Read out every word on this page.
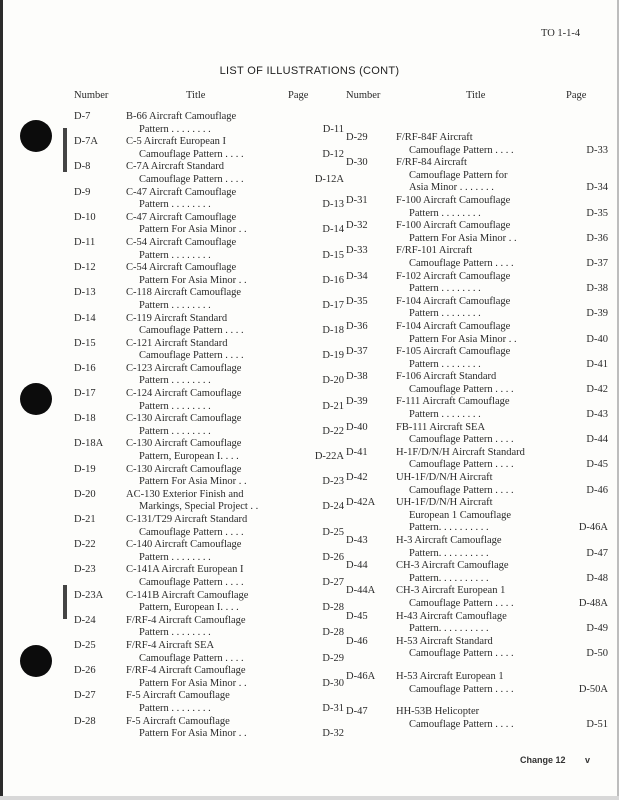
TO 1-1-4
LIST OF ILLUSTRATIONS (CONT)
Number	Title	Page
D-7	B-66 Aircraft Camouflage
Pattern . . . . . . . .	D-11
D-7A	C-5 Aircraft European I
Camouflage Pattern . . . .	D-12
D-8	C-7A Aircraft Standard
Camouflage Pattern . . . .	D-12A
D-9	C-47 Aircraft Camouflage
Pattern . . . . . . . .	D-13
D-10	C-47 Aircraft Camouflage
Pattern For Asia Minor . .	D-14
D-11	C-54 Aircraft Camouflage
Pattern . . . . . . . .	D-15
D-12	C-54 Aircraft Camouflage
Pattern For Asia Minor . .	D-16
D-13	C-118 Aircraft Camouflage
Pattern . . . . . . . .	D-17
D-14	C-119 Aircraft Standard
Camouflage Pattern . . . .	D-18
D-15	C-121 Aircraft Standard
Camouflage Pattern . . . .	D-19
D-16	C-123 Aircraft Camouflage
Pattern . . . . . . . .	D-20
D-17	C-124 Aircraft Camouflage
Pattern . . . . . . . .	D-21
D-18	C-130 Aircraft Camouflage
Pattern . . . . . . . .	D-22
D-18A C-130 Aircraft Camouflage
Pattern, European I. . . .	D-22A
D-19	C-130 Aircraft Camouflage
Pattern For Asia Minor . .	D-23
D-20	AC-130 Exterior Finish and
Markings, Special Project . .	D-24
D-21	C-131/T29 Aircraft Standard
Camouflage Pattern . . . .	D-25
D-22	C-140 Aircraft Camouflage
Pattern . . . . . . . .	D-26
D-23	C-141A Aircraft European I
Camouflage Pattern . . . .	D-27
D-23A C-141B Aircraft Camouflage
Pattern, European I. . . .	D-28
D-24	F/RF-4 Aircraft Camouflage
Pattern . . . . . . . .	D-28
D-25	F/RF-4 Aircraft SEA
Camouflage Pattern . . . .	D-29
D-26	F/RF-4 Aircraft Camouflage
Pattern For Asia Minor . .	D-30
D-27	F-5 Aircraft Camouflage
Pattern . . . . . . . .	D-31
D-28	F-5 Aircraft Camouflage
Pattern For Asia Minor . .	D-32
Number	Title	Page
D-29	F/RF-84F Aircraft
Camouflage Pattern . . . .	D-33
D-30	F/RF-84 Aircraft
Camouflage Pattern for
Asia Minor . . . . . . .	D-34
D-31	F-100 Aircraft Camouflage
Pattern . . . . . . . .	D-35
D-32	F-100 Aircraft Camouflage
Pattern For Asia Minor . .	D-36
D-33	F/RF-101 Aircraft
Camouflage Pattern . . . .	D-37
D-34	F-102 Aircraft Camouflage
Pattern . . . . . . . .	D-38
D-35	F-104 Aircraft Camouflage
Pattern . . . . . . . .	D-39
D-36	F-104 Aircraft Camouflage
Pattern For Asia Minor . .	D-40
D-37	F-105 Aircraft Camouflage
Pattern . . . . . . . .	D-41
D-38	F-106 Aircraft Standard
Camouflage Pattern . . . .	D-42
D-39	F-111 Aircraft Camouflage
Pattern . . . . . . . .	D-43
D-40	FB-111 Aircraft SEA
Camouflage Pattern . . . .	D-44
D-41	H-1F/D/N/H Aircraft Standard
Camouflage Pattern . . . .	D-45
D-42	UH-1F/D/N/H Aircraft
Camouflage Pattern . . . .	D-46
D-42A UH-1F/D/N/H Aircraft
European 1 Camouflage
Pattern. . . . . . . . . .	D-46A
D-43	H-3 Aircraft Camouflage
Pattern. . . . . . . . . .	D-47
D-44	CH-3 Aircraft Camouflage
Pattern. . . . . . . . . .	D-48
D-44A CH-3 Aircraft European 1
Camouflage Pattern . . . .	D-48A
D-45	H-43 Aircraft Camouflage
Pattern. . . . . . . . . .	D-49
D-46	H-53 Aircraft Standard
Camouflage Pattern . . . .	D-50
D-46A H-53 Aircraft European 1
Camouflage Pattern . . . .	D-50A
D-47	HH-53B Helicopter
Camouflage Pattern . . . .	D-51
Change 12 v
